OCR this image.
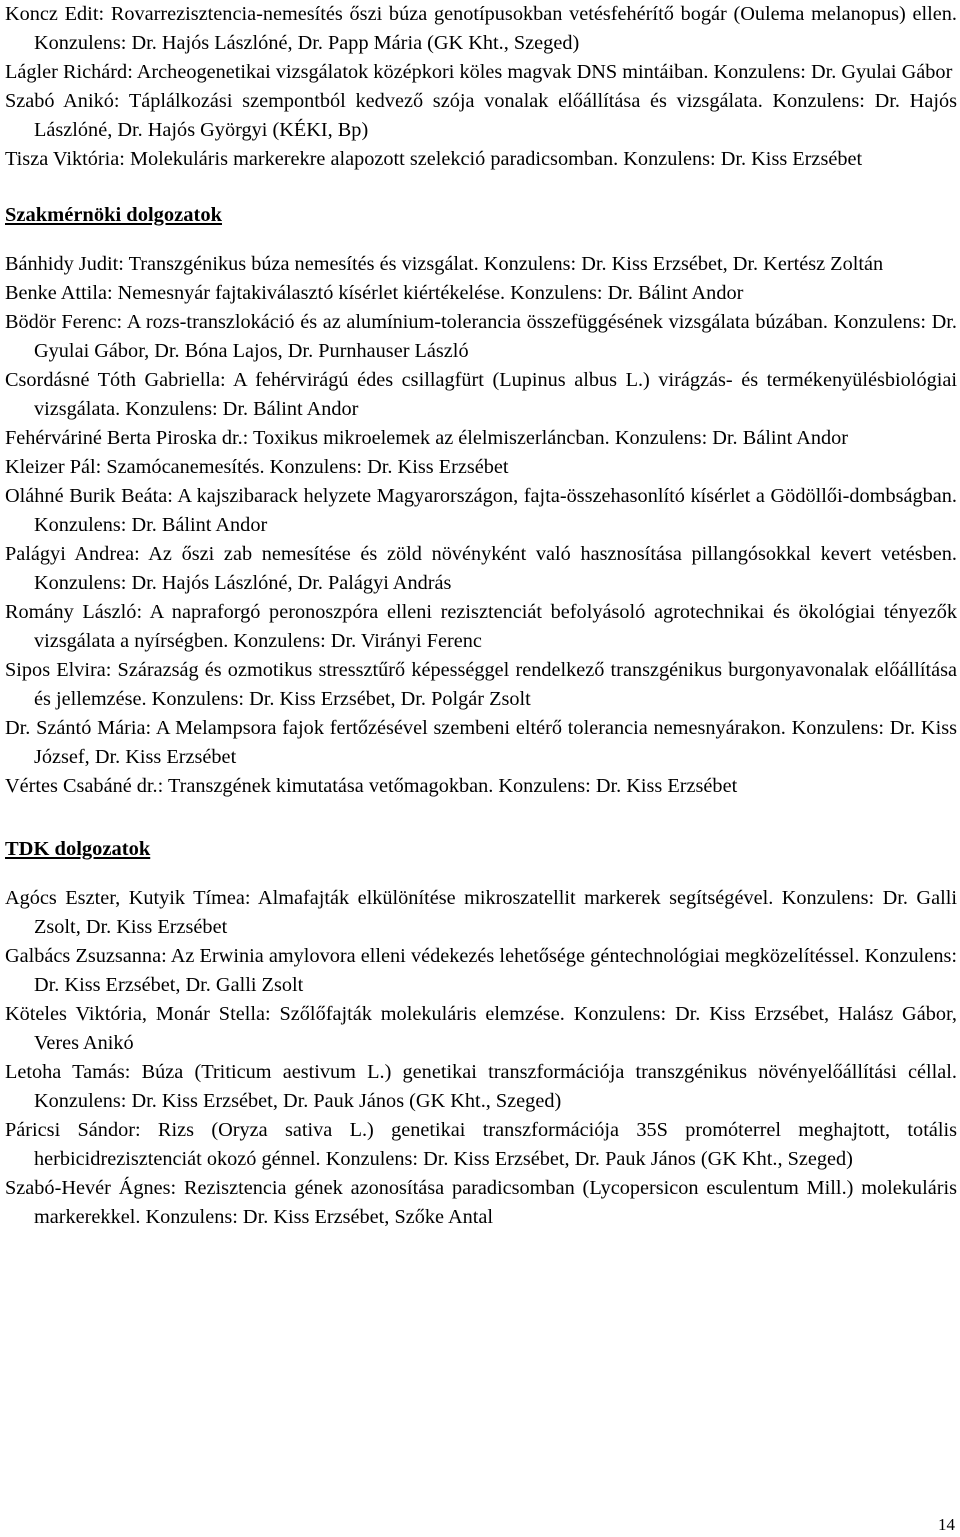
Koncz Edit: Rovarrezisztencia-nemesítés őszi búza genotípusokban vetésfehérítő bogár (Oulema melanopus) ellen. Konzulens: Dr. Hajós Lászlóné, Dr. Papp Mária (GK Kht., Szeged)

Lágler Richárd: Archeogenetikai vizsgálatok középkori köles magvak DNS mintáiban. Konzulens: Dr. Gyulai Gábor

Szabó Anikó: Táplálkozási szempontból kedvező szója vonalak előállítása és vizsgálata. Konzulens: Dr. Hajós Lászlóné, Dr. Hajós Györgyi (KÉKI, Bp)

Tisza Viktória: Molekuláris markerekre alapozott szelekció paradicsomban. Konzulens: Dr. Kiss Erzsébet

Szakmérnöki dolgozatok

Bánhidy Judit: Transzgénikus búza nemesítés és vizsgálat. Konzulens: Dr. Kiss Erzsébet, Dr. Kertész Zoltán

Benke Attila: Nemesnyár fajtakiválasztó kísérlet kiértékelése. Konzulens: Dr. Bálint Andor

Bödör Ferenc: A rozs-transzlokáció és az alumínium-tolerancia összefüggésének vizsgálata búzában. Konzulens: Dr. Gyulai Gábor, Dr. Bóna Lajos, Dr. Purnhauser László

Csordásné Tóth Gabriella: A fehérvirágú édes csillagfürt (Lupinus albus L.) virágzás- és termékenyülésbiológiai vizsgálata. Konzulens: Dr. Bálint Andor

Fehérváriné Berta Piroska dr.: Toxikus mikroelemek az élelmiszerláncban. Konzulens: Dr. Bálint Andor

Kleizer Pál: Szamócanemesítés. Konzulens: Dr. Kiss Erzsébet

Oláhné Burik Beáta: A kajszibarack helyzete Magyarországon, fajta-összehasonlító kísérlet a Gödöllői-dombságban. Konzulens: Dr. Bálint Andor

Palágyi Andrea: Az őszi zab nemesítése és zöld növényként való hasznosítása pillangósokkal kevert vetésben. Konzulens: Dr. Hajós Lászlóné, Dr. Palágyi András

Romány László: A napraforgó peronoszpóra elleni rezisztenciát befolyásoló agrotechnikai és ökológiai tényezők vizsgálata a nyírségben. Konzulens: Dr. Virányi Ferenc

Sipos Elvira: Szárazság és ozmotikus stressztűrő képességgel rendelkező transzgénikus burgonyavonalak előállítása és jellemzése. Konzulens: Dr. Kiss Erzsébet, Dr. Polgár Zsolt

Dr. Szántó Mária: A Melampsora fajok fertőzésével szembeni eltérő tolerancia nemesnyárakon. Konzulens: Dr. Kiss József, Dr. Kiss Erzsébet

Vértes Csabáné dr.: Transzgének kimutatása vetőmagokban. Konzulens: Dr. Kiss Erzsébet

TDK dolgozatok

Agócs Eszter, Kutyik Tímea: Almafajták elkülönítése mikroszatellit markerek segítségével. Konzulens: Dr. Galli Zsolt, Dr. Kiss Erzsébet

Galbács Zsuzsanna: Az Erwinia amylovora elleni védekezés lehetősége géntechnológiai megközelítéssel. Konzulens: Dr. Kiss Erzsébet, Dr. Galli Zsolt

Köteles Viktória, Monár Stella: Szőlőfajták molekuláris elemzése. Konzulens: Dr. Kiss Erzsébet, Halász Gábor, Veres Anikó

Letoha Tamás: Búza (Triticum aestivum L.) genetikai transzformációja transzgénikus növényelőállítási céllal. Konzulens: Dr. Kiss Erzsébet, Dr. Pauk János (GK Kht., Szeged)

Páricsi Sándor: Rizs (Oryza sativa L.) genetikai transzformációja 35S promóterrel meghajtott, totális herbicidrezisztenciát okozó génnel. Konzulens: Dr. Kiss Erzsébet, Dr. Pauk János (GK Kht., Szeged)

Szabó-Hevér Ágnes: Rezisztencia gének azonosítása paradicsomban (Lycopersicon esculentum Mill.) molekuláris markerekkel. Konzulens: Dr. Kiss Erzsébet, Szőke Antal

14
